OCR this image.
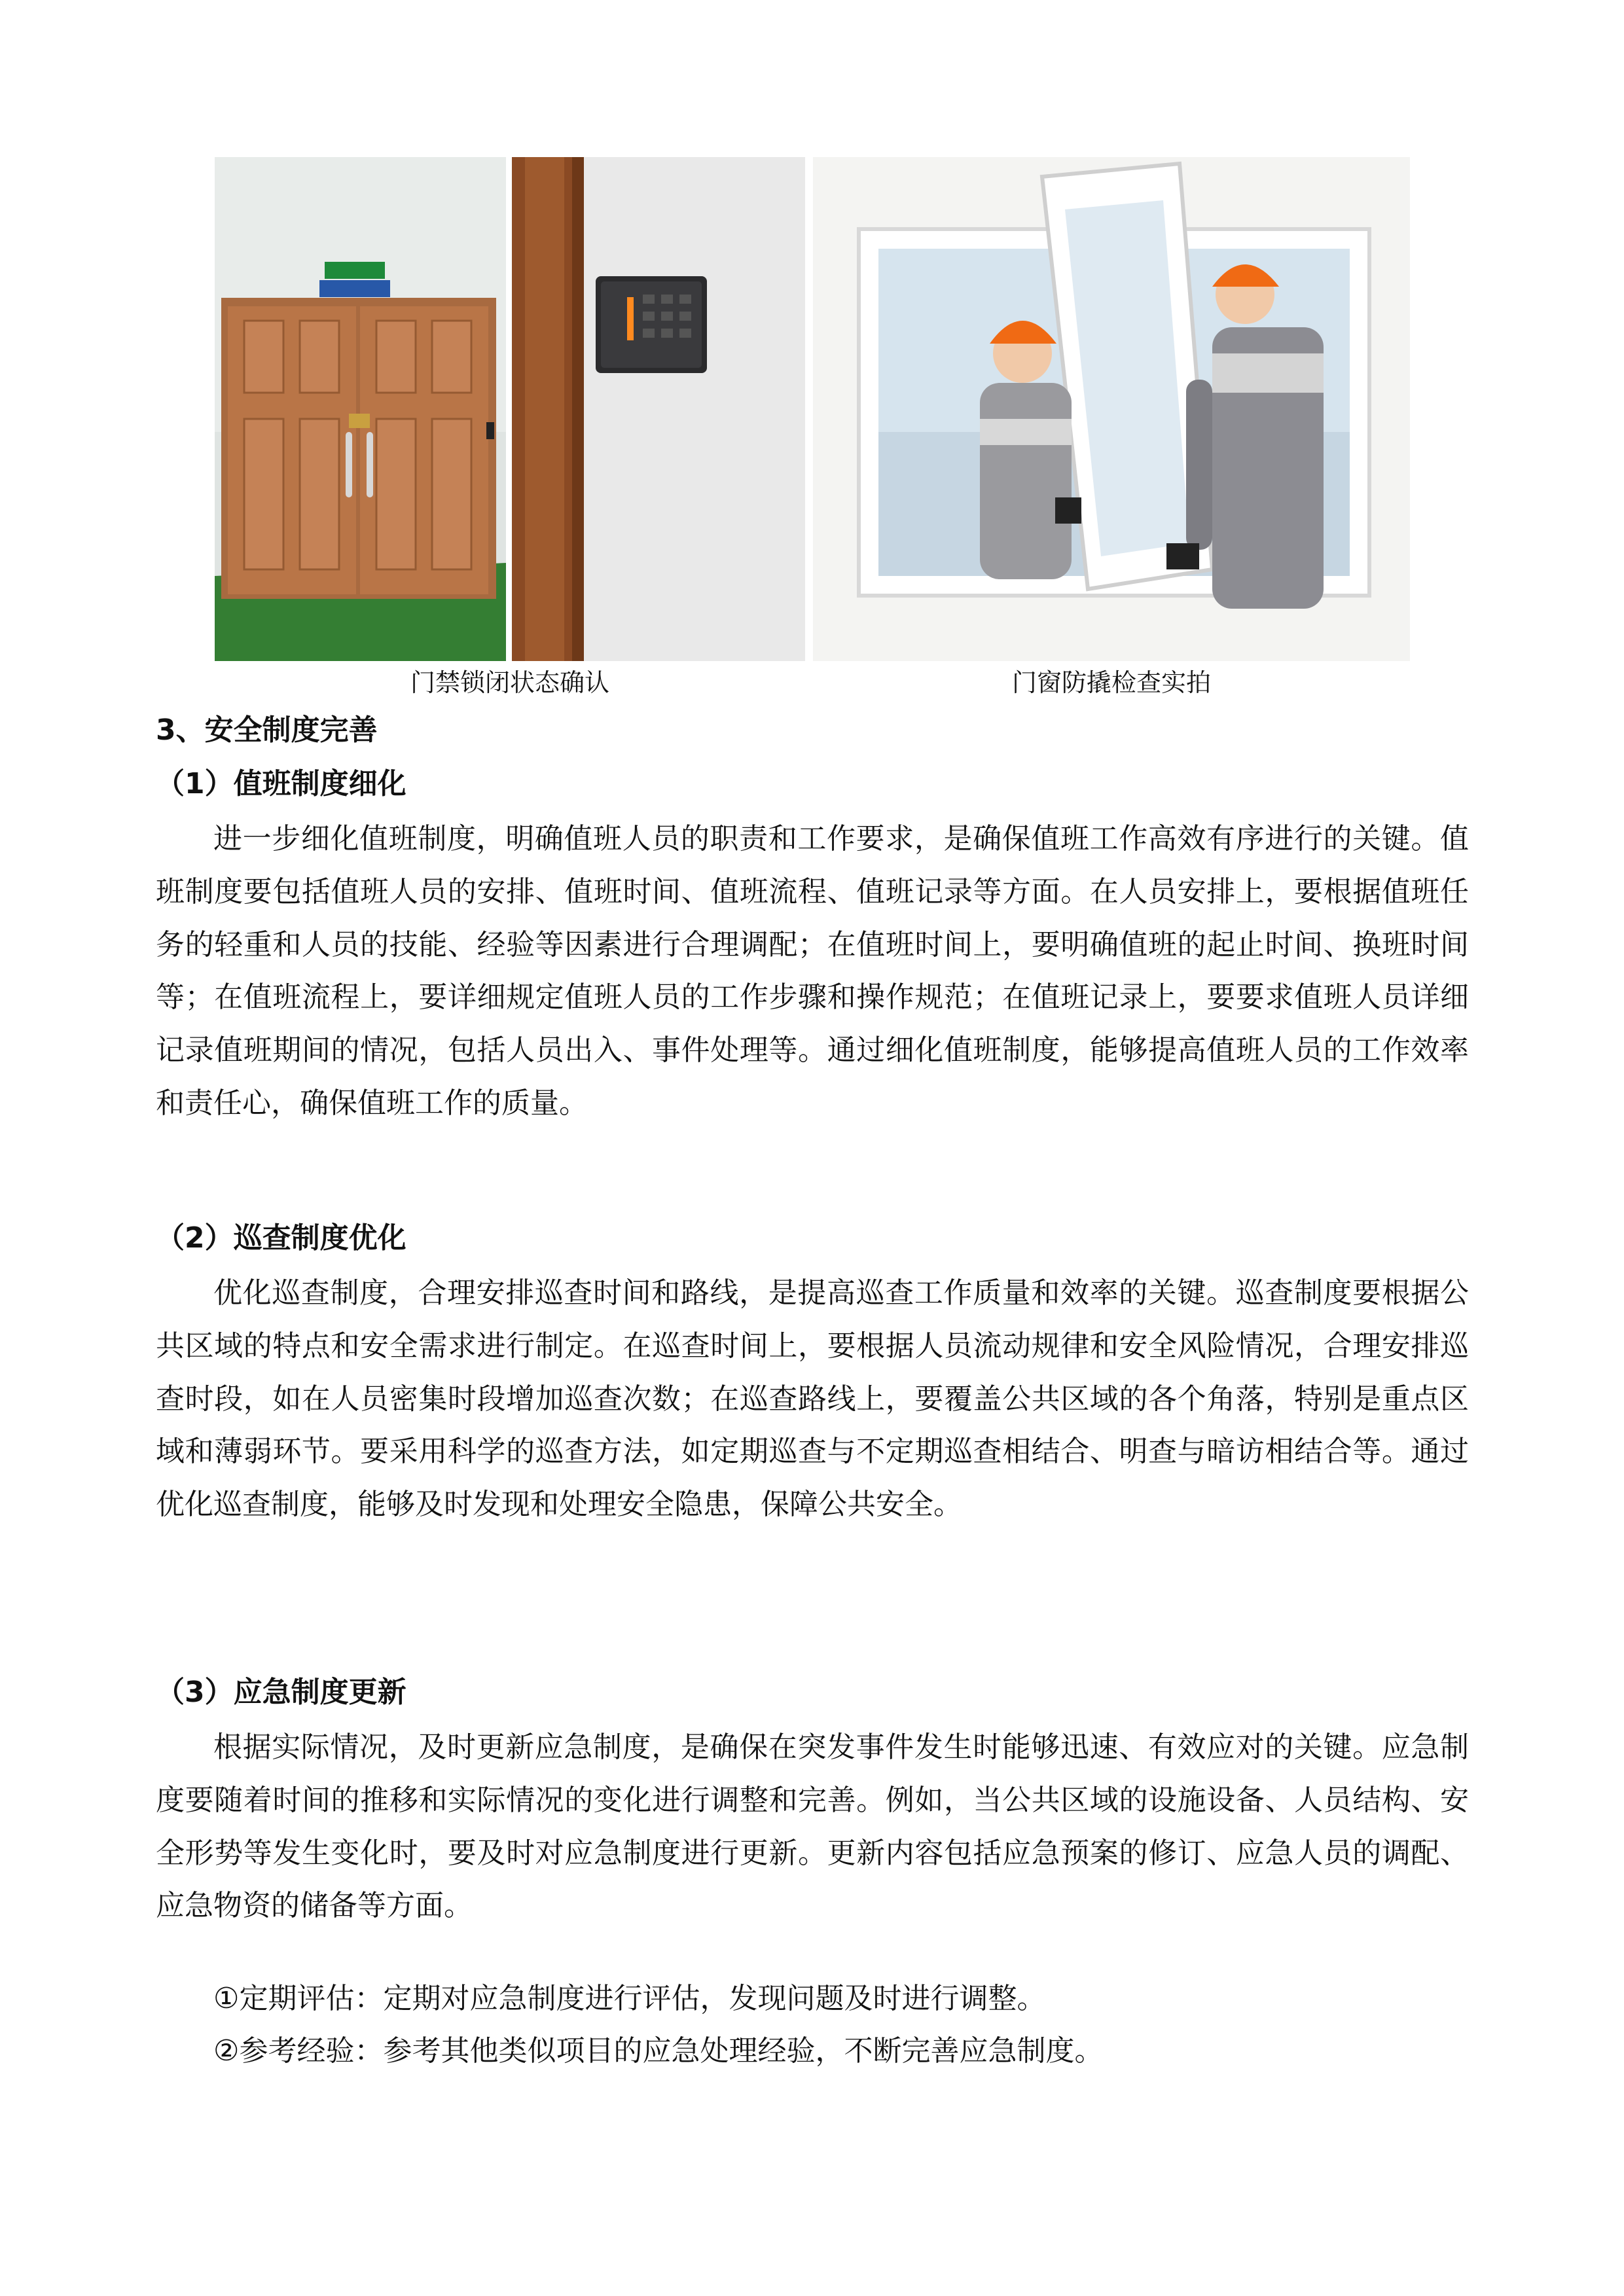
门禁锁闭状态确认	门窗防撬检查实拍
3、安全制度完善
（1）值班制度细化

进一步细化值班制度，明确值班人员的职责和工作要求，是确保值班工作高效有序进行的关键。值班制度要包括值班人员的安排、值班时间、值班流程、值班记录等方面。在人员安排上，要根据值班任务的轻重和人员的技能、经验等因素进行合理调配；在值班时间上，要明确值班的起止时间、换班时间等；在值班流程上，要详细规定值班人员的工作步骤和操作规范；在值班记录上，要要求值班人员详细记录值班期间的情况，包括人员出入、事件处理等。通过细化值班制度，能够提高值班人员的工作效率和责任心，确保值班工作的质量。

（2）巡查制度优化

优化巡查制度，合理安排巡查时间和路线，是提高巡查工作质量和效率的关键。巡查制度要根据公共区域的特点和安全需求进行制定。在巡查时间上，要根据人员流动规律和安全风险情况，合理安排巡查时段，如在人员密集时段增加巡查次数；在巡查路线上，要覆盖公共区域的各个角落，特别是重点区域和薄弱环节。要采用科学的巡查方法，如定期巡查与不定期巡查相结合、明查与暗访相结合等。通过优化巡查制度，能够及时发现和处理安全隐患，保障公共安全。

（3）应急制度更新

根据实际情况，及时更新应急制度，是确保在突发事件发生时能够迅速、有效应对的关键。应急制度要随着时间的推移和实际情况的变化进行调整和完善。例如，当公共区域的设施设备、人员结构、安全形势等发生变化时，要及时对应急制度进行更新。更新内容包括应急预案的修订、应急人员的调配、应急物资的储备等方面。

①定期评估：定期对应急制度进行评估，发现问题及时进行调整。
②参考经验：参考其他类似项目的应急处理经验，不断完善应急制度。
